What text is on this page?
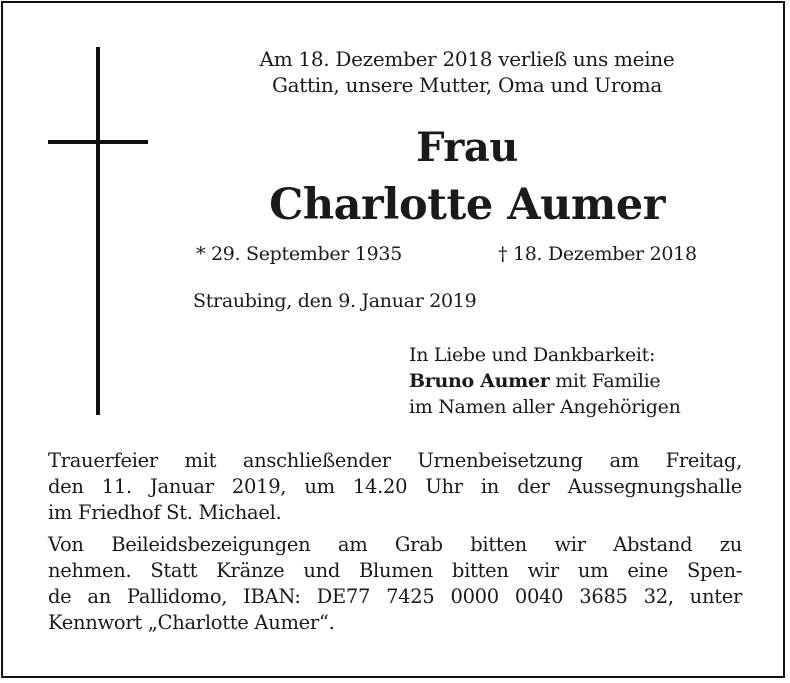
Am 18. Dezember 2018 verließ uns meine
Gattin, unsere Mutter, Oma und Uroma
Frau
Charlotte Aumer
* 29. September 1935	† 18. Dezember 2018
Straubing, den 9. Januar 2019
In Liebe und Dankbarkeit:
Bruno Aumer mit Familie
im Namen aller Angehörigen
Trauerfeier mit anschließender Urnenbeisetzung am Freitag,
den 11. Januar 2019, um 14.20 Uhr in der Aussegnungshalle
im Friedhof St. Michael.
Von Beileidsbezeigungen am Grab bitten wir Abstand zu
nehmen. Statt Kränze und Blumen bitten wir um eine Spen-
de an Pallidomo, IBAN: DE77 7425 0000 0040 3685 32, unter
Kennwort „Charlotte Aumer“.
